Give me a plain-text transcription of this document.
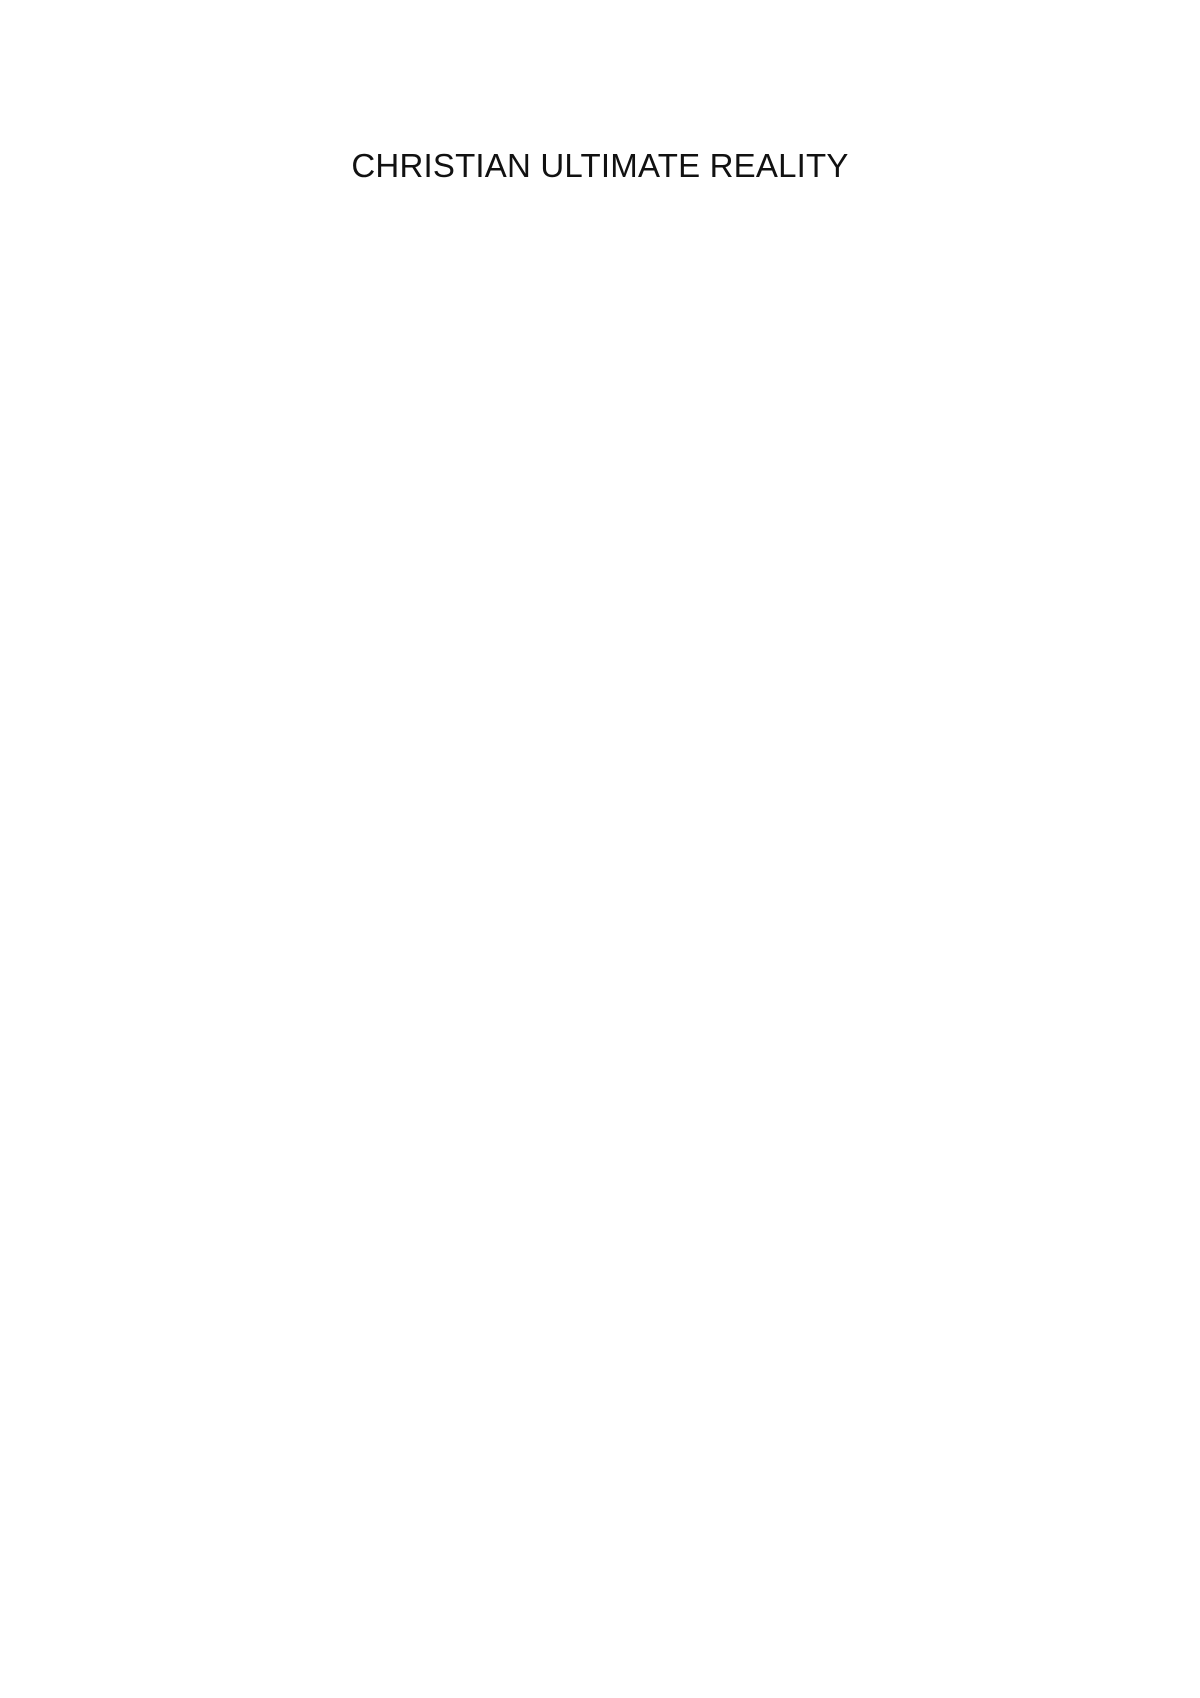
CHRISTIAN ULTIMATE REALITY
